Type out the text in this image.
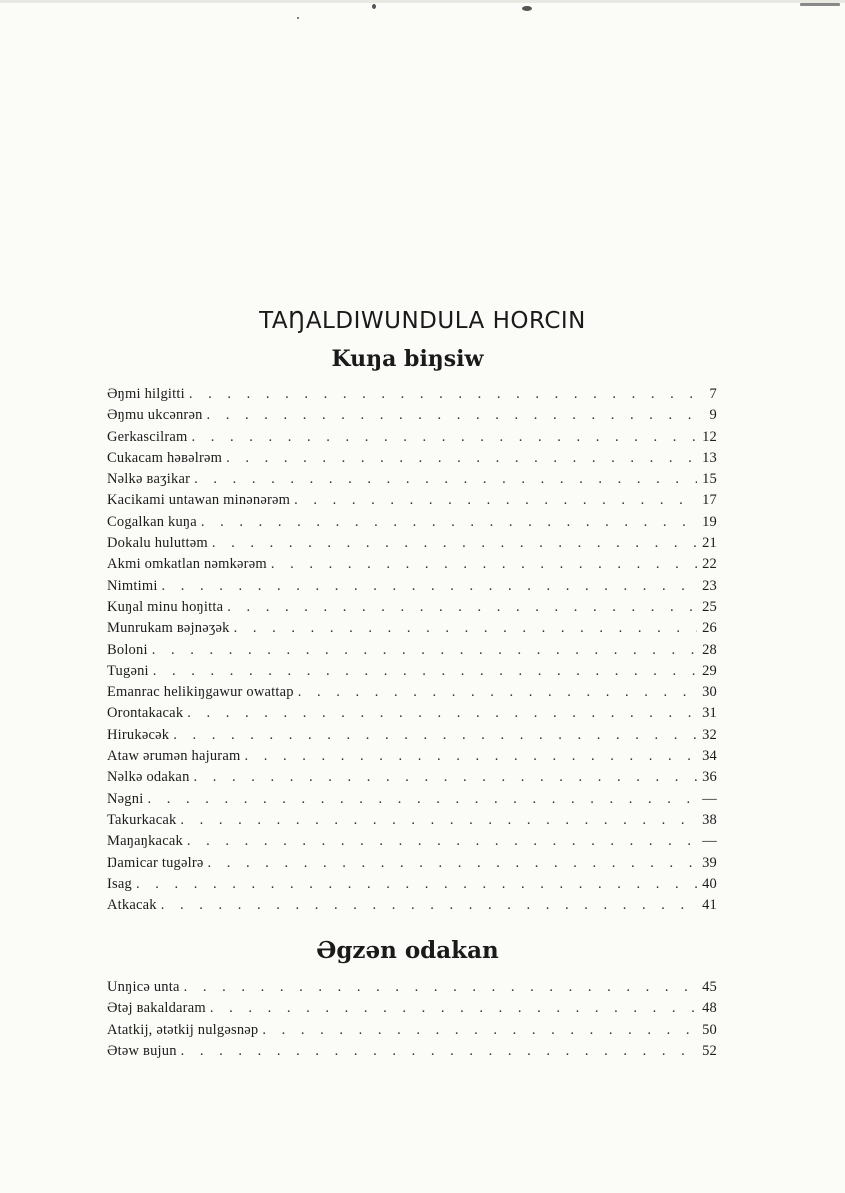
TAŊALDIWUNDULA HORCIN
Kuŋa biŋsiw
Əŋmi hilgitti . . .	7
Əŋmu ukcənrən . . .	9
Gerkascilram . . .	12
Cukacam həʙəlrəm . . .	13
Nəlkə ʙaʒikar . . .	15
Kacikami untawan minənərəm . . .	17
Cogalkan kuŋa . . .	19
Dokalu huluttəm . . .	21
Akmi omkatlan nəmkərəm . . .	22
Nimtimi . . .	23
Kuŋal minu hoŋitta . . .	25
Munrukam ʙəjnəʒək . . .	26
Boloni . . .	28
Tugəni . . .	29
Emanrac helikiŋgawur owattap . . .	30
Orontakacak . . .	31
Hirukəcək . . .	32
Ataw ərumən hajuram . . .	34
Nəlkə odakan . . .	36
Nəgni . . .	—
Takurkacak . . .	38
Maŋaŋkacak . . .	—
Ŋamicar tugəlrə . . .	39
Isag . . .	40
Atkacak . . .	41
Əgzən odakan
Unŋicə unta . . .	45
Ətəj ʙakaldaram . . .	48
Atatkij, ətətkij nulgəsnəp . . .	50
Ətəw ʙujun . . .	52
